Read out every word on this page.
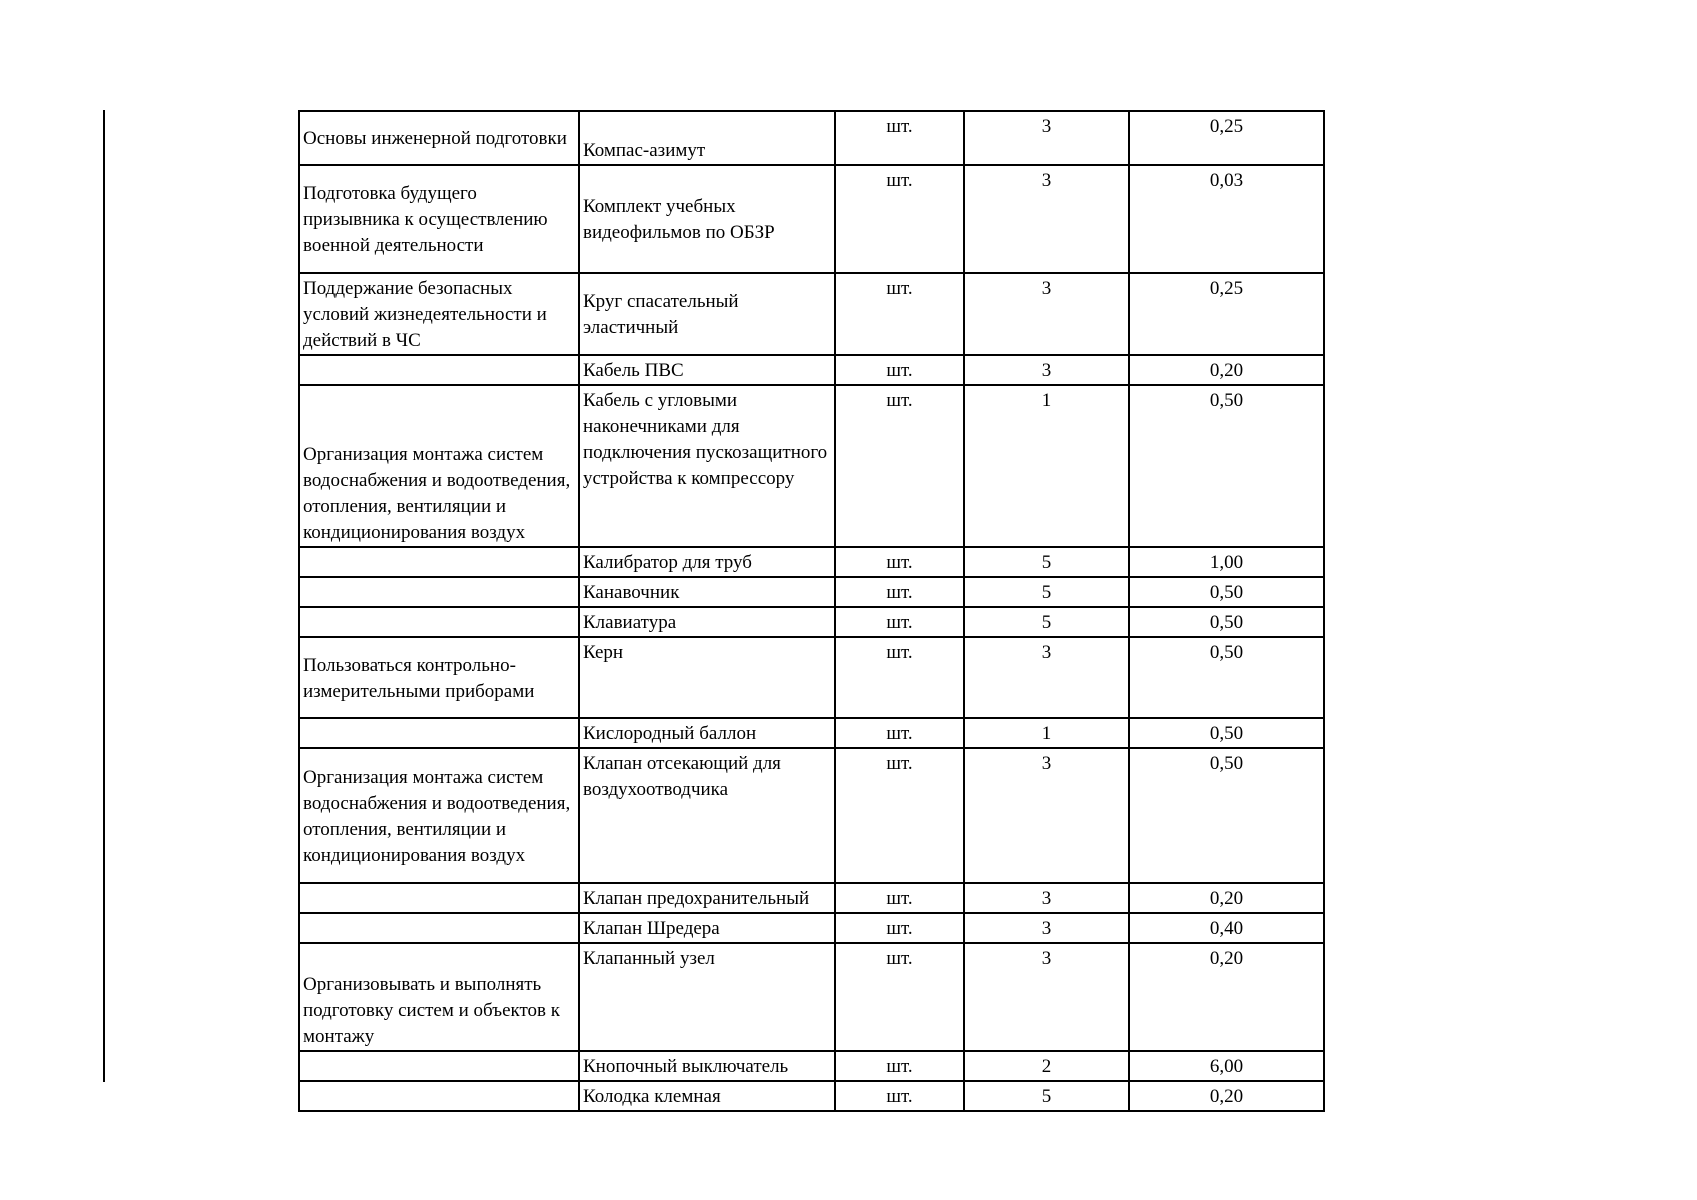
Основы инженерной подготовки	Компас-азимут	шт.	3	0,25
Подготовка будущего призывника к осуществлению военной деятельности	Комплект учебных видеофильмов по ОБЗР	шт.	3	0,03
Поддержание безопасных условий жизнедеятельности и действий в ЧС	Круг спасательный эластичный	шт.	3	0,25
	Кабель ПВС	шт.	3	0,20
Организация монтажа систем водоснабжения и водоотведения, отопления, вентиляции и кондиционирования воздух	Кабель с угловыми наконечниками для подключения пускозащитного устройства к компрессору	шт.	1	0,50
	Калибратор для труб	шт.	5	1,00
	Канавочник	шт.	5	0,50
	Клавиатура	шт.	5	0,50
Пользоваться контрольно-измерительными приборами	Керн	шт.	3	0,50
	Кислородный баллон	шт.	1	0,50
Организация монтажа систем водоснабжения и водоотведения, отопления, вентиляции и кондиционирования воздух	Клапан отсекающий для воздухоотводчика	шт.	3	0,50
	Клапан предохранительный	шт.	3	0,20
	Клапан Шредера	шт.	3	0,40
Организовывать и выполнять подготовку систем и объектов к монтажу	Клапанный узел	шт.	3	0,20
	Кнопочный выключатель	шт.	2	6,00
	Колодка клемная	шт.	5	0,20
